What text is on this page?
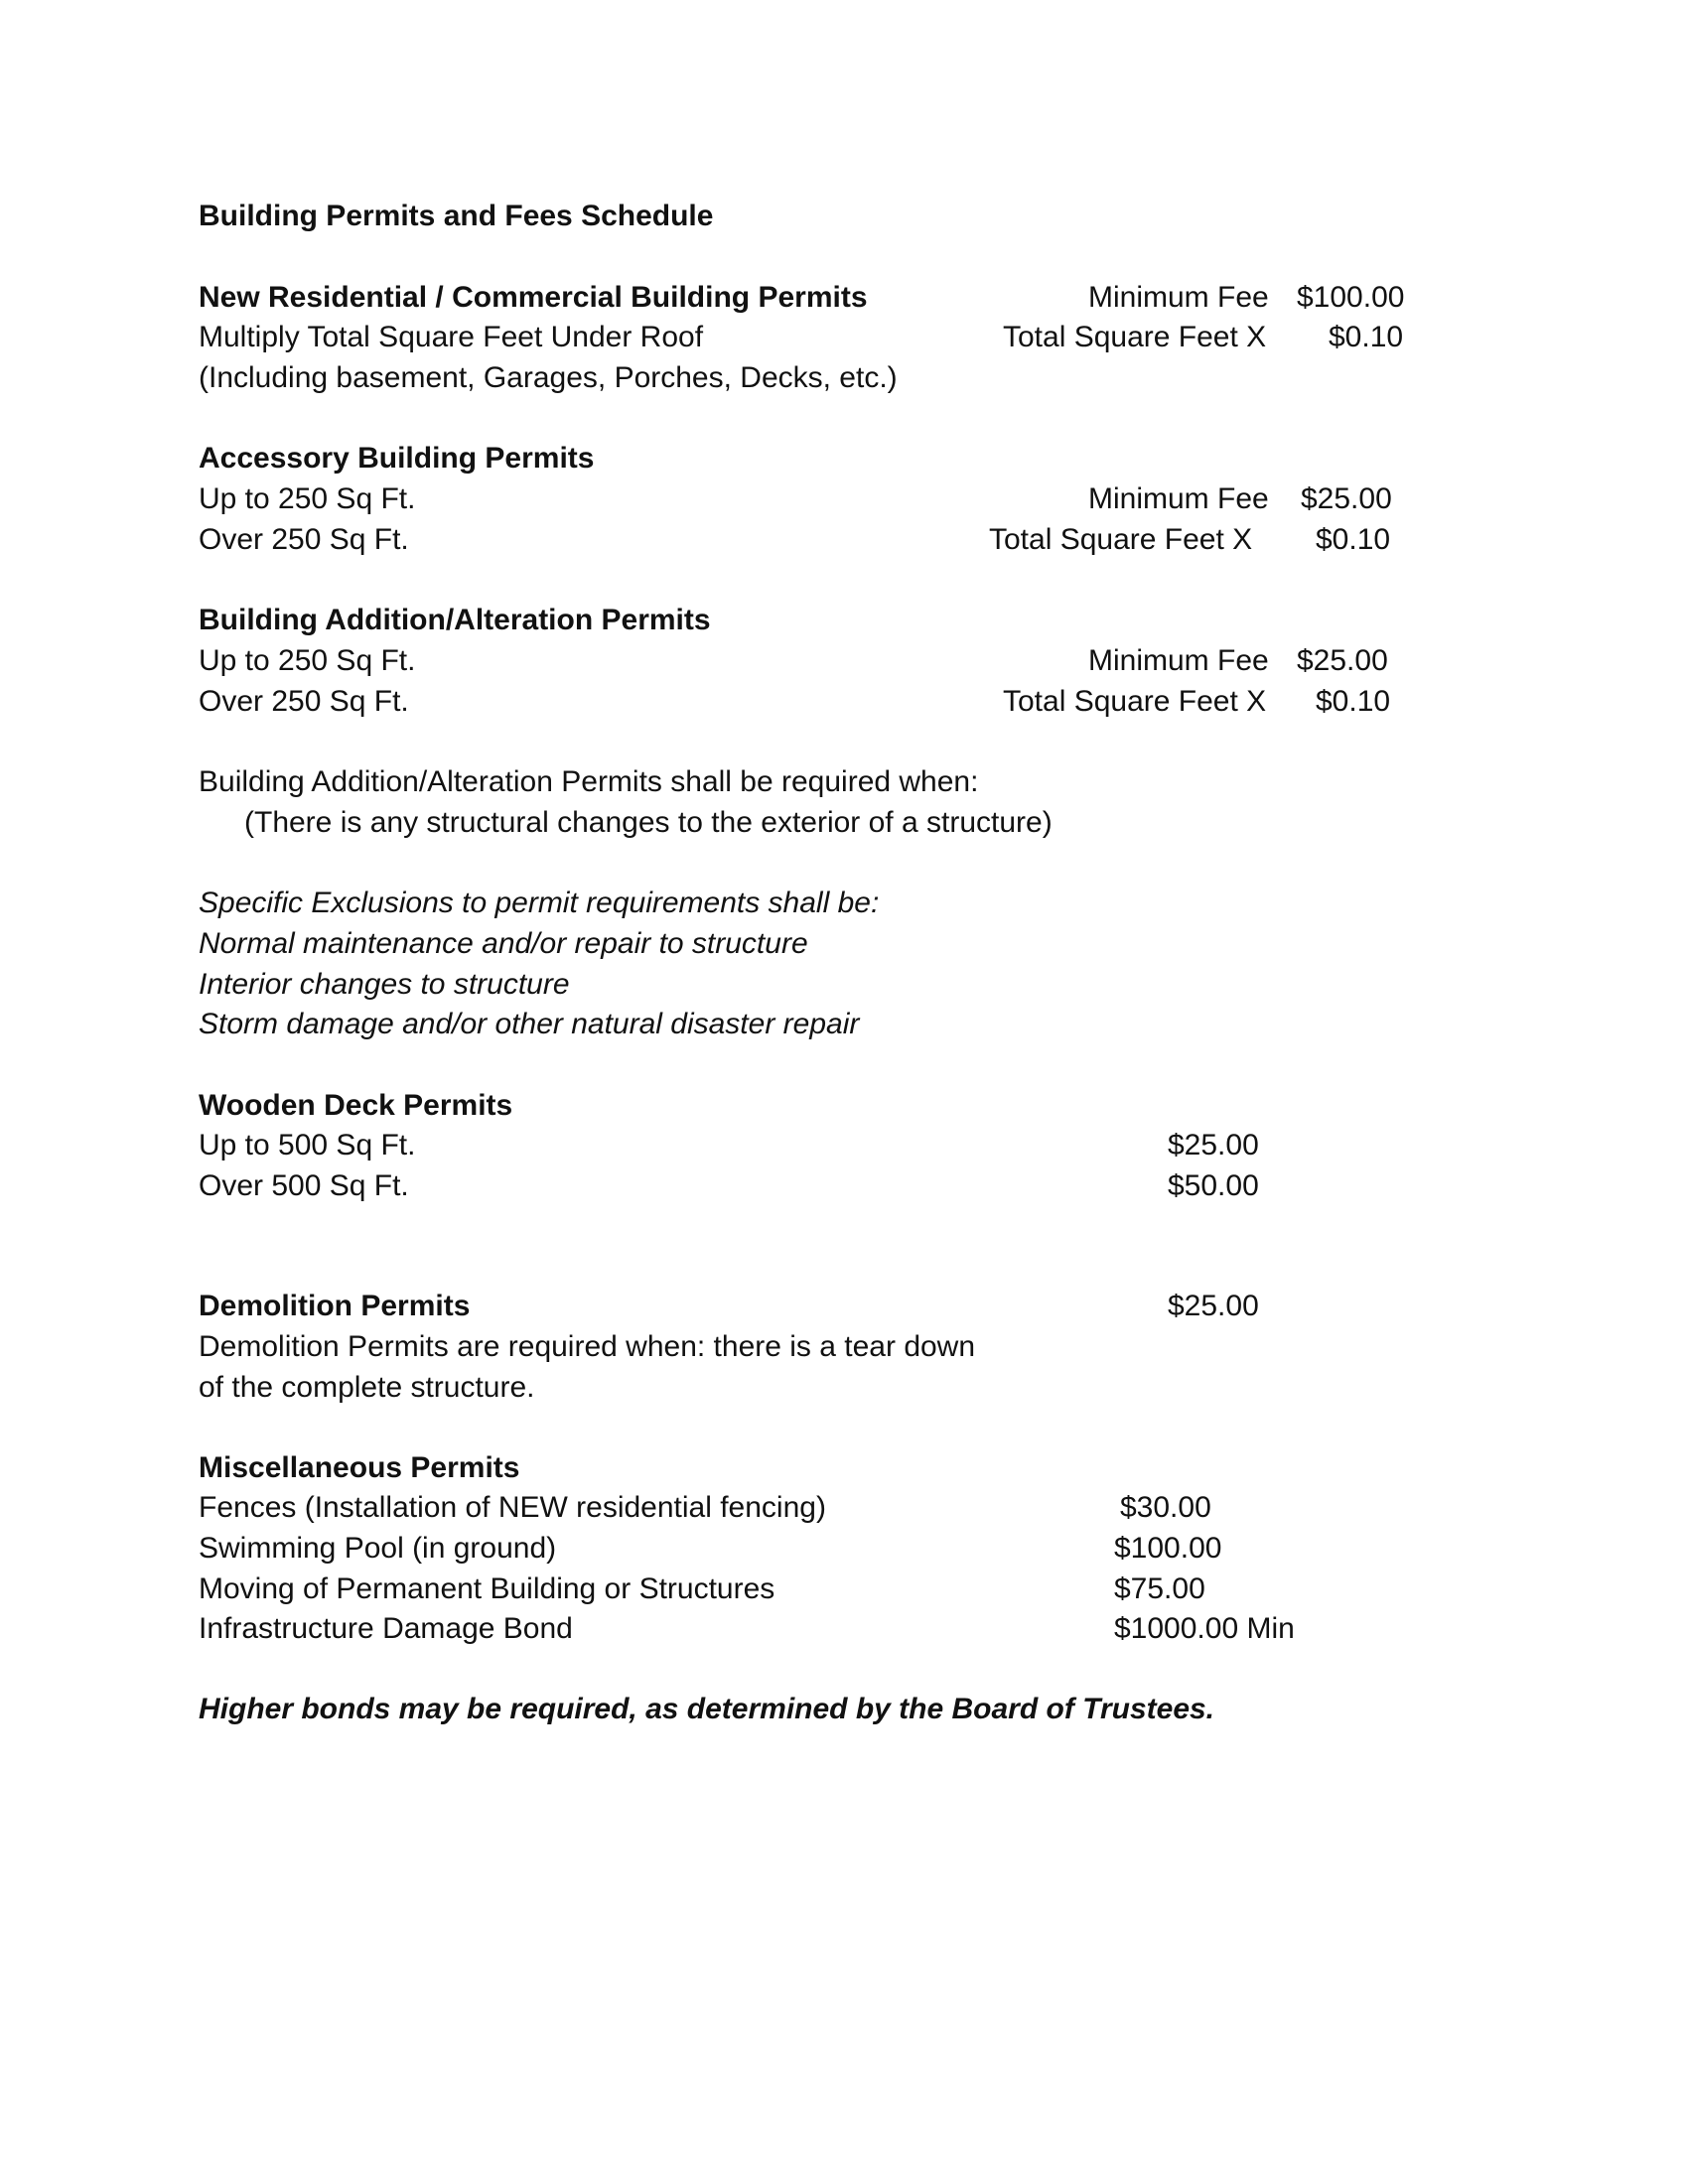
Building Permits and Fees Schedule
New Residential / Commercial Building Permits	Minimum Fee $100.00
Multiply Total Square Feet Under Roof	Total Square Feet X $0.10
(Including basement, Garages, Porches, Decks, etc.)
Accessory Building Permits
Up to 250 Sq Ft.	Minimum Fee $25.00
Over 250 Sq Ft.	Total Square Feet X $0.10
Building Addition/Alteration Permits
Up to 250 Sq Ft.	Minimum Fee $25.00
Over 250 Sq Ft.	Total Square Feet X $0.10
Building Addition/Alteration Permits shall be required when:
(There is any structural changes to the exterior of a structure)
Specific Exclusions to permit requirements shall be:
Normal maintenance and/or repair to structure
Interior changes to structure
Storm damage and/or other natural disaster repair
Wooden Deck Permits
Up to 500 Sq Ft.	$25.00
Over 500 Sq Ft.	$50.00
Demolition Permits	$25.00
Demolition Permits are required when: there is a tear down
of the complete structure.
Miscellaneous Permits
Fences (Installation of NEW residential fencing)	$30.00
Swimming Pool (in ground)	$100.00
Moving of Permanent Building or Structures	$75.00
Infrastructure Damage Bond	$1000.00 Min
Higher bonds may be required, as determined by the Board of Trustees.
